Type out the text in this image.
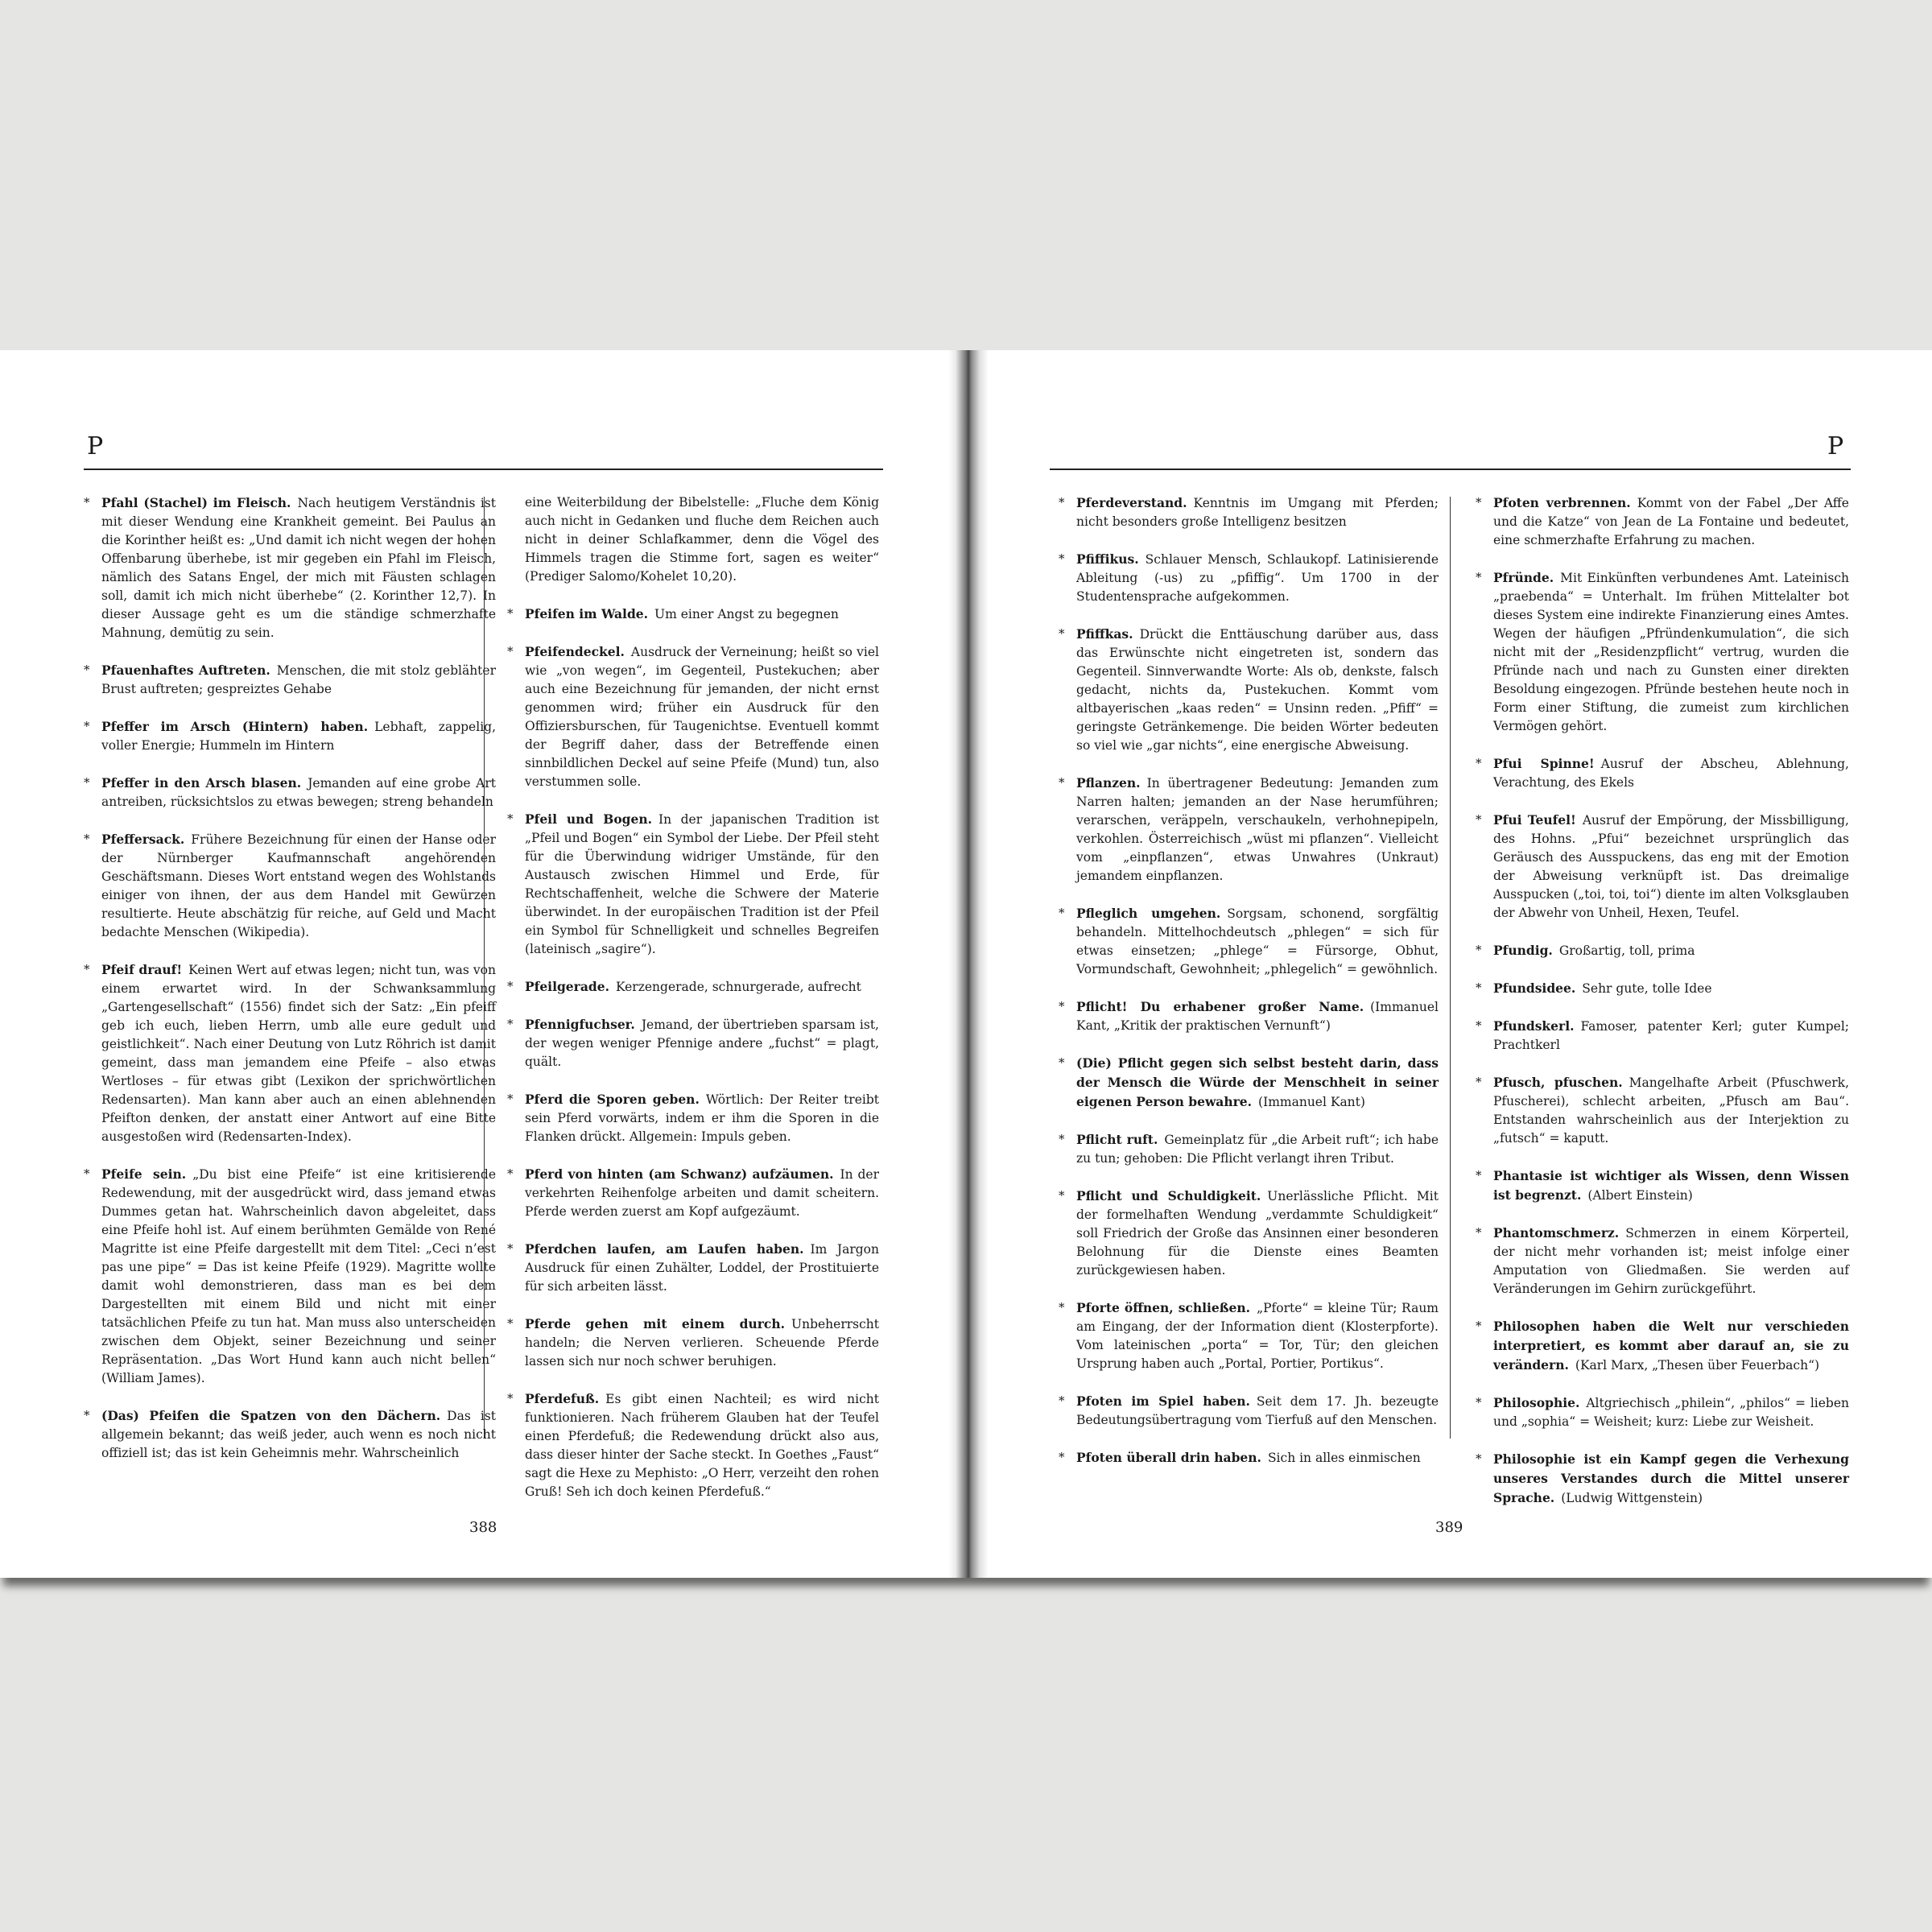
P
* Pfahl (Stachel) im Fleisch. Nach heutigem Verständnis ist mit dieser Wendung eine Krankheit gemeint. Bei Paulus an die Korinther heißt es: „Und damit ich nicht wegen der hohen Offenbarung überhebe, ist mir gegeben ein Pfahl im Fleisch, nämlich des Satans Engel, der mich mit Fäusten schlagen soll, damit ich mich nicht überhebe“ (2. Korinther 12,7). In dieser Aussage geht es um die ständige schmerzhafte Mahnung, demütig zu sein.
* Pfauenhaftes Auftreten. Menschen, die mit stolz geblähter Brust auftreten; gespreiztes Gehabe
* Pfeffer im Arsch (Hintern) haben. Lebhaft, zappelig, voller Energie; Hummeln im Hintern
* Pfeffer in den Arsch blasen. Jemanden auf eine grobe Art antreiben, rücksichtslos zu etwas bewegen; streng behandeln
* Pfeffersack. Frühere Bezeichnung für einen der Hanse oder der Nürnberger Kaufmannschaft angehörenden Geschäftsmann. Dieses Wort entstand wegen des Wohlstands einiger von ihnen, der aus dem Handel mit Gewürzen resultierte. Heute abschätzig für reiche, auf Geld und Macht bedachte Menschen (Wikipedia).
* Pfeif drauf! Keinen Wert auf etwas legen; nicht tun, was von einem erwartet wird. In der Schwanksammlung „Gartengesellschaft“ (1556) findet sich der Satz: „Ein pfeiff geb ich euch, lieben Herrn, umb alle eure gedult und geistlichkeit“. Nach einer Deutung von Lutz Röhrich ist damit gemeint, dass man jemandem eine Pfeife – also etwas Wertloses – für etwas gibt (Lexikon der sprichwörtlichen Redensarten). Man kann aber auch an einen ablehnenden Pfeifton denken, der anstatt einer Antwort auf eine Bitte ausgestoßen wird (Redensarten-Index).
* Pfeife sein. „Du bist eine Pfeife“ ist eine kritisierende Redewendung, mit der ausgedrückt wird, dass jemand etwas Dummes getan hat. Wahrscheinlich davon abgeleitet, dass eine Pfeife hohl ist. Auf einem berühmten Gemälde von René Magritte ist eine Pfeife dargestellt mit dem Titel: „Ceci n’est pas une pipe“ = Das ist keine Pfeife (1929). Magritte wollte damit wohl demonstrieren, dass man es bei dem Dargestellten mit einem Bild und nicht mit einer tatsächlichen Pfeife zu tun hat. Man muss also unterscheiden zwischen dem Objekt, seiner Bezeichnung und seiner Repräsentation. „Das Wort Hund kann auch nicht bellen“ (William James).
* (Das) Pfeifen die Spatzen von den Dächern. Das ist allgemein bekannt; das weiß jeder, auch wenn es noch nicht offiziell ist; das ist kein Geheimnis mehr. Wahrscheinlich
eine Weiterbildung der Bibelstelle: „Fluche dem König auch nicht in Gedanken und fluche dem Reichen auch nicht in deiner Schlafkammer, denn die Vögel des Himmels tragen die Stimme fort, sagen es weiter“ (Prediger Salomo/Kohelet 10,20).
* Pfeifen im Walde. Um einer Angst zu begegnen
* Pfeifendeckel. Ausdruck der Verneinung; heißt so viel wie „von wegen“, im Gegenteil, Pustekuchen; aber auch eine Bezeichnung für jemanden, der nicht ernst genommen wird; früher ein Ausdruck für den Offiziersburschen, für Taugenichtse. Eventuell kommt der Begriff daher, dass der Betreffende einen sinnbildlichen Deckel auf seine Pfeife (Mund) tun, also verstummen solle.
* Pfeil und Bogen. In der japanischen Tradition ist „Pfeil und Bogen“ ein Symbol der Liebe. Der Pfeil steht für die Überwindung widriger Umstände, für den Austausch zwischen Himmel und Erde, für Rechtschaffenheit, welche die Schwere der Materie überwindet. In der europäischen Tradition ist der Pfeil ein Symbol für Schnelligkeit und schnelles Begreifen (lateinisch „sagire“).
* Pfeilgerade. Kerzengerade, schnurgerade, aufrecht
* Pfennigfuchser. Jemand, der übertrieben sparsam ist, der wegen weniger Pfennige andere „fuchst“ = plagt, quält.
* Pferd die Sporen geben. Wörtlich: Der Reiter treibt sein Pferd vorwärts, indem er ihm die Sporen in die Flanken drückt. Allgemein: Impuls geben.
* Pferd von hinten (am Schwanz) aufzäumen. In der verkehrten Reihenfolge arbeiten und damit scheitern. Pferde werden zuerst am Kopf aufgezäumt.
* Pferdchen laufen, am Laufen haben. Im Jargon Ausdruck für einen Zuhälter, Loddel, der Prostituierte für sich arbeiten lässt.
* Pferde gehen mit einem durch. Unbeherrscht handeln; die Nerven verlieren. Scheuende Pferde lassen sich nur noch schwer beruhigen.
* Pferdefuß. Es gibt einen Nachteil; es wird nicht funktionieren. Nach früherem Glauben hat der Teufel einen Pferdefuß; die Redewendung drückt also aus, dass dieser hinter der Sache steckt. In Goethes „Faust“ sagt die Hexe zu Mephisto: „O Herr, verzeiht den rohen Gruß! Seh ich doch keinen Pferdefuß.“
388
P
* Pferdeverstand. Kenntnis im Umgang mit Pferden; nicht besonders große Intelligenz besitzen
* Pfiffikus. Schlauer Mensch, Schlaukopf. Latinisierende Ableitung (-us) zu „pfiffig“. Um 1700 in der Studentensprache aufgekommen.
* Pfiffkas. Drückt die Enttäuschung darüber aus, dass das Erwünschte nicht eingetreten ist, sondern das Gegenteil. Sinnverwandte Worte: Als ob, denkste, falsch gedacht, nichts da, Pustekuchen. Kommt vom altbayerischen „kaas reden“ = Unsinn reden. „Pfiff“ = geringste Getränkemenge. Die beiden Wörter bedeuten so viel wie „gar nichts“, eine energische Abweisung.
* Pflanzen. In übertragener Bedeutung: Jemanden zum Narren halten; jemanden an der Nase herumführen; verarschen, veräppeln, verschaukeln, verhohnepipeln, verkohlen. Österreichisch „wüst mi pflanzen“. Vielleicht vom „einpflanzen“, etwas Unwahres (Unkraut) jemandem einpflanzen.
* Pfleglich umgehen. Sorgsam, schonend, sorgfältig behandeln. Mittelhochdeutsch „phlegen“ = sich für etwas einsetzen; „phlege“ = Fürsorge, Obhut, Vormundschaft, Gewohnheit; „phlegelich“ = gewöhnlich.
* Pflicht! Du erhabener großer Name. (Immanuel Kant, „Kritik der praktischen Vernunft“)
* (Die) Pflicht gegen sich selbst besteht darin, dass der Mensch die Würde der Menschheit in seiner eigenen Person bewahre. (Immanuel Kant)
* Pflicht ruft. Gemeinplatz für „die Arbeit ruft“; ich habe zu tun; gehoben: Die Pflicht verlangt ihren Tribut.
* Pflicht und Schuldigkeit. Unerlässliche Pflicht. Mit der formelhaften Wendung „verdammte Schuldigkeit“ soll Friedrich der Große das Ansinnen einer besonderen Belohnung für die Dienste eines Beamten zurückgewiesen haben.
* Pforte öffnen, schließen. „Pforte“ = kleine Tür; Raum am Eingang, der der Information dient (Klosterpforte). Vom lateinischen „porta“ = Tor, Tür; den gleichen Ursprung haben auch „Portal, Portier, Portikus“.
* Pfoten im Spiel haben. Seit dem 17. Jh. bezeugte Bedeutungsübertragung vom Tierfuß auf den Menschen.
* Pfoten überall drin haben. Sich in alles einmischen
* Pfoten verbrennen. Kommt von der Fabel „Der Affe und die Katze“ von Jean de La Fontaine und bedeutet, eine schmerzhafte Erfahrung zu machen.
* Pfründe. Mit Einkünften verbundenes Amt. Lateinisch „praebenda“ = Unterhalt. Im frühen Mittelalter bot dieses System eine indirekte Finanzierung eines Amtes. Wegen der häufigen „Pfründenkumulation“, die sich nicht mit der „Residenzpflicht“ vertrug, wurden die Pfründe nach und nach zu Gunsten einer direkten Besoldung eingezogen. Pfründe bestehen heute noch in Form einer Stiftung, die zumeist zum kirchlichen Vermögen gehört.
* Pfui Spinne! Ausruf der Abscheu, Ablehnung, Verachtung, des Ekels
* Pfui Teufel! Ausruf der Empörung, der Missbilligung, des Hohns. „Pfui“ bezeichnet ursprünglich das Geräusch des Ausspuckens, das eng mit der Emotion der Abweisung verknüpft ist. Das dreimalige Ausspucken („toi, toi, toi“) diente im alten Volksglauben der Abwehr von Unheil, Hexen, Teufel.
* Pfundig. Großartig, toll, prima
* Pfundsidee. Sehr gute, tolle Idee
* Pfundskerl. Famoser, patenter Kerl; guter Kumpel; Prachtkerl
* Pfusch, pfuschen. Mangelhafte Arbeit (Pfuschwerk, Pfuscherei), schlecht arbeiten, „Pfusch am Bau“. Entstanden wahrscheinlich aus der Interjektion zu „futsch“ = kaputt.
* Phantasie ist wichtiger als Wissen, denn Wissen ist begrenzt. (Albert Einstein)
* Phantomschmerz. Schmerzen in einem Körperteil, der nicht mehr vorhanden ist; meist infolge einer Amputation von Gliedmaßen. Sie werden auf Veränderungen im Gehirn zurückgeführt.
* Philosophen haben die Welt nur verschieden interpretiert, es kommt aber darauf an, sie zu verändern. (Karl Marx, „Thesen über Feuerbach“)
* Philosophie. Altgriechisch „philein“, „philos“ = lieben und „sophia“ = Weisheit; kurz: Liebe zur Weisheit.
* Philosophie ist ein Kampf gegen die Verhexung unseres Verstandes durch die Mittel unserer Sprache. (Ludwig Wittgenstein)
389
